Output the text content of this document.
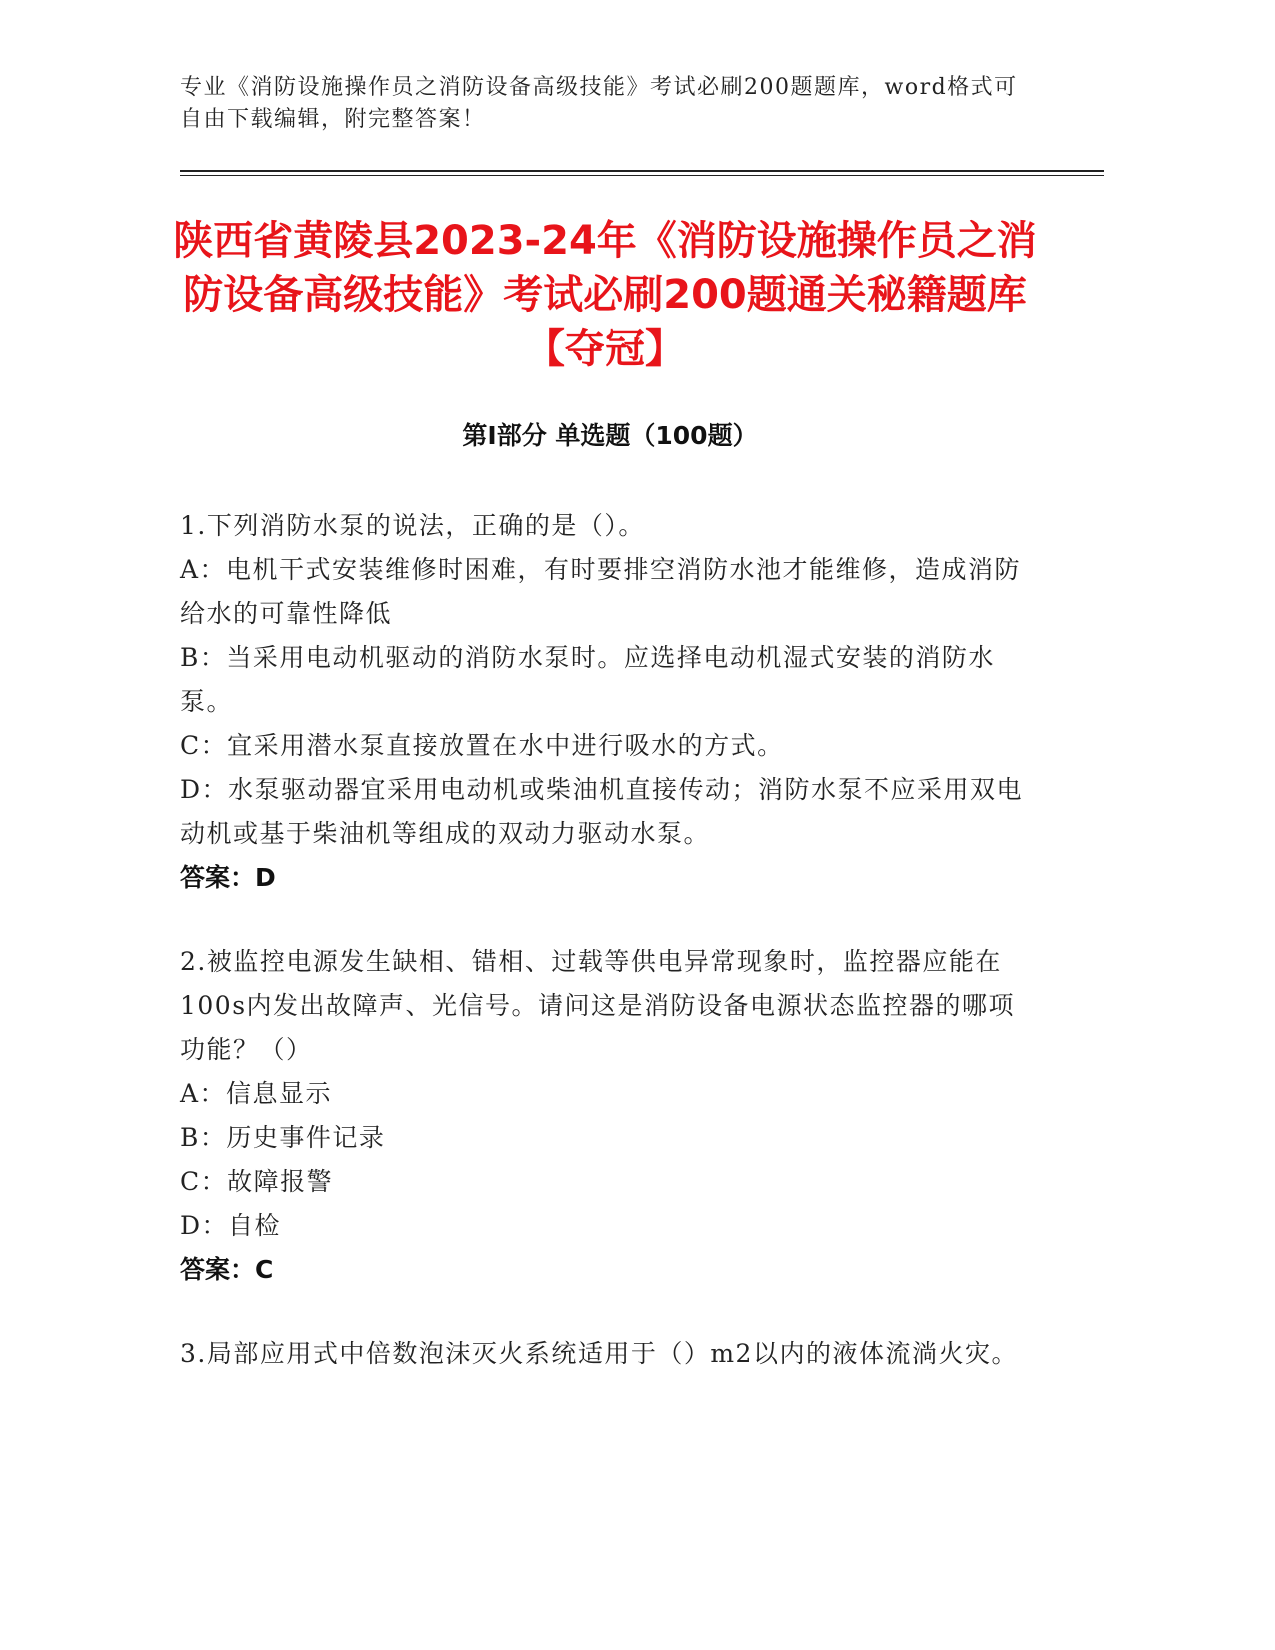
专业《消防设施操作员之消防设备高级技能》考试必刷200题题库，word格式可自由下载编辑，附完整答案！
陕西省黄陵县2023-24年《消防设施操作员之消防设备高级技能》考试必刷200题通关秘籍题库【夺冠】
第I部分 单选题（100题）

1.下列消防水泵的说法，正确的是（）。

A：电机干式安装维修时困难，有时要排空消防水池才能维修，造成消防给水的可靠性降低

B：当采用电动机驱动的消防水泵时。应选择电动机湿式安装的消防水泵。

C：宜采用潜水泵直接放置在水中进行吸水的方式。

D：水泵驱动器宜采用电动机或柴油机直接传动；消防水泵不应采用双电动机或基于柴油机等组成的双动力驱动水泵。

答案：D

2.被监控电源发生缺相、错相、过载等供电异常现象时，监控器应能在100s内发出故障声、光信号。请问这是消防设备电源状态监控器的哪项功能？（）

A：信息显示

B：历史事件记录

C：故障报警

D：自检

答案：C

3.局部应用式中倍数泡沫灭火系统适用于（）m2以内的液体流淌火灾。
